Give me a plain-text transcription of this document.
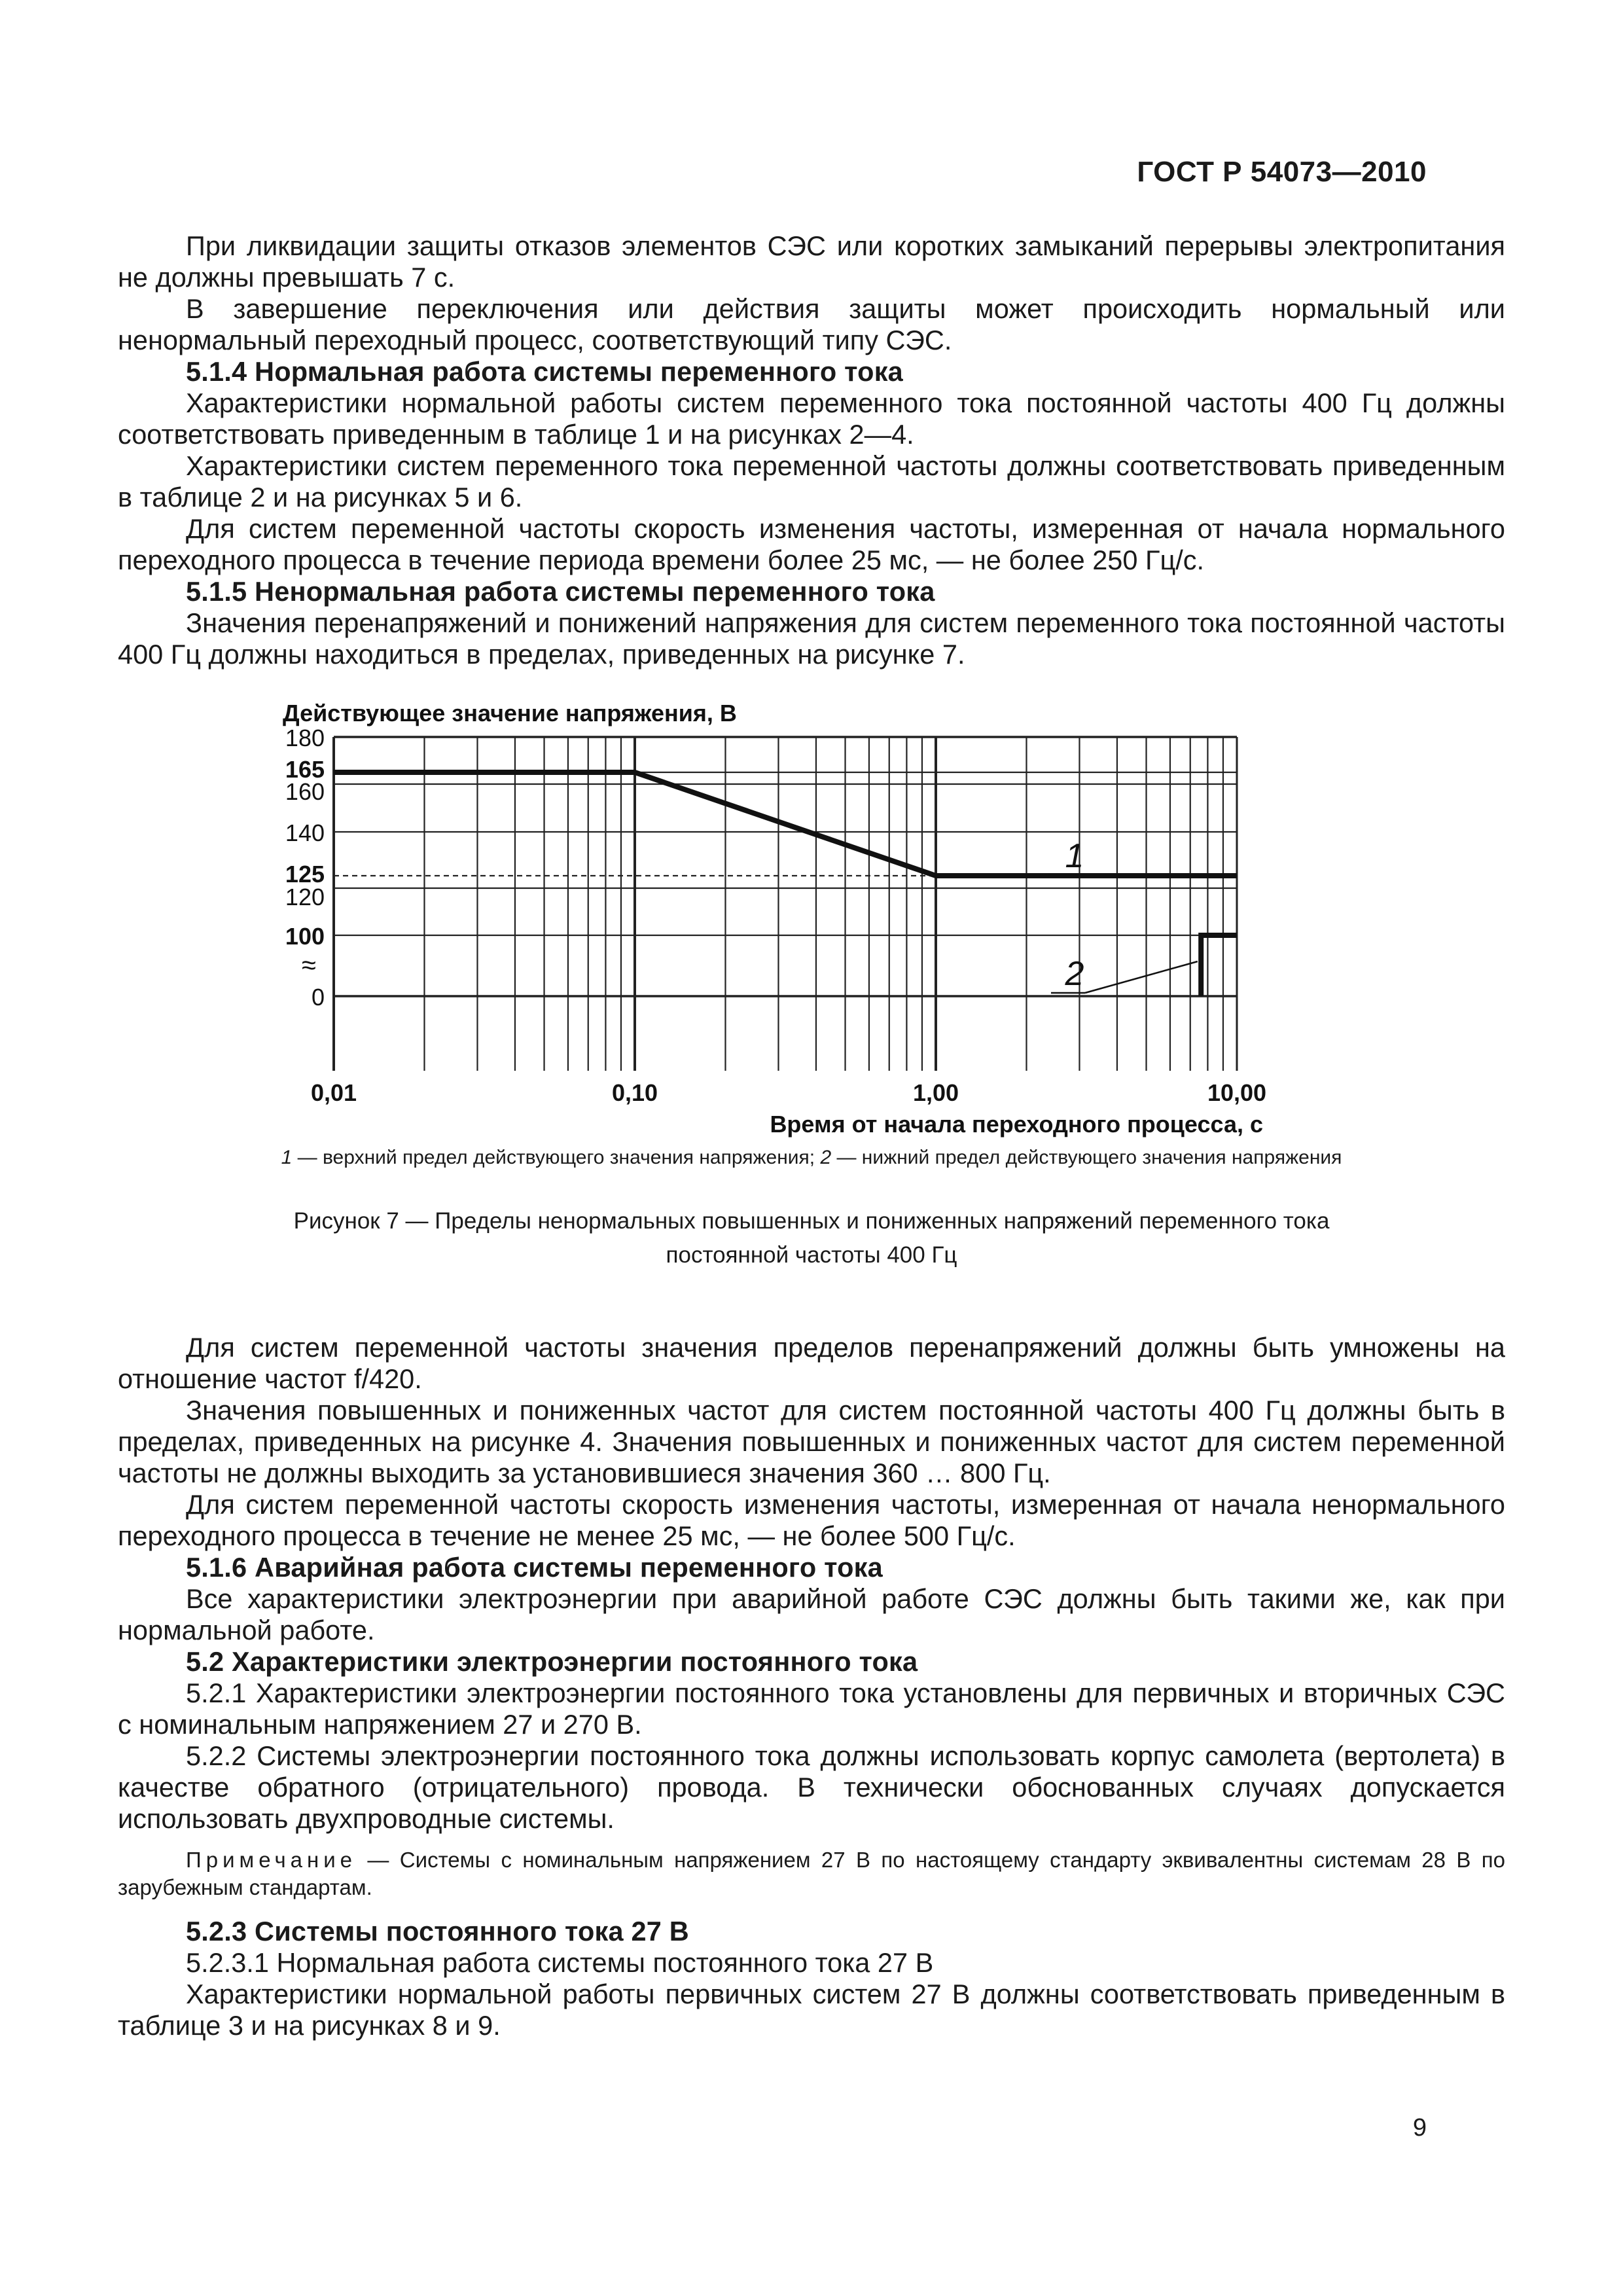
ГОСТ Р 54073—2010

При ликвидации защиты отказов элементов СЭС или коротких замыканий перерывы электропитания не должны превышать 7 с.

В завершение переключения или действия защиты может происходить нормальный или ненормальный переходный процесс, соответствующий типу СЭС.

5.1.4 Нормальная работа системы переменного тока

Характеристики нормальной работы систем переменного тока постоянной частоты 400 Гц должны соответствовать приведенным в таблице 1 и на рисунках 2—4.

Характеристики систем переменного тока переменной частоты должны соответствовать приведенным в таблице 2 и на рисунках 5 и 6.

Для систем переменной частоты скорость изменения частоты, измеренная от начала нормального переходного процесса в течение периода времени более 25 мс, — не более 250 Гц/с.

5.1.5 Ненормальная работа системы переменного тока

Значения перенапряжений и понижений напряжения для систем переменного тока постоянной частоты 400 Гц должны находиться в пределах, приведенных на рисунке 7.

0
100
120
125
140
160
165
180
≈
0,01	0,10	1,00	10,00
Действующее значение напряжения, В
Время от начала переходного процесса, с
1
2
1 — верхний предел действующего значения напряжения; 2 — нижний предел действующего значения напряжения
Рисунок 7 — Пределы ненормальных повышенных и пониженных напряжений переменного тока
постоянной частоты 400 Гц

Для систем переменной частоты значения пределов перенапряжений должны быть умножены на отношение частот f/420.

Значения повышенных и пониженных частот для систем постоянной частоты 400 Гц должны быть в пределах, приведенных на рисунке 4. Значения повышенных и пониженных частот для систем переменной частоты не должны выходить за установившиеся значения 360 … 800 Гц.

Для систем переменной частоты скорость изменения частоты, измеренная от начала ненормального переходного процесса в течение не менее 25 мс, — не более 500 Гц/с.

5.1.6 Аварийная работа системы переменного тока

Все характеристики электроэнергии при аварийной работе СЭС должны быть такими же, как при нормальной работе.

5.2 Характеристики электроэнергии постоянного тока

5.2.1 Характеристики электроэнергии постоянного тока установлены для первичных и вторичных СЭС с номинальным напряжением 27 и 270 В.

5.2.2 Системы электроэнергии постоянного тока должны использовать корпус самолета (вертолета) в качестве обратного (отрицательного) провода. В технически обоснованных случаях допускается использовать двухпроводные системы.

Примечание — Системы с номинальным напряжением 27 В по настоящему стандарту эквивалентны системам 28 В по зарубежным стандартам.

5.2.3 Системы постоянного тока 27 В

5.2.3.1 Нормальная работа системы постоянного тока 27 В

Характеристики нормальной работы первичных систем 27 В должны соответствовать приведенным в таблице 3 и на рисунках 8 и 9.

9
